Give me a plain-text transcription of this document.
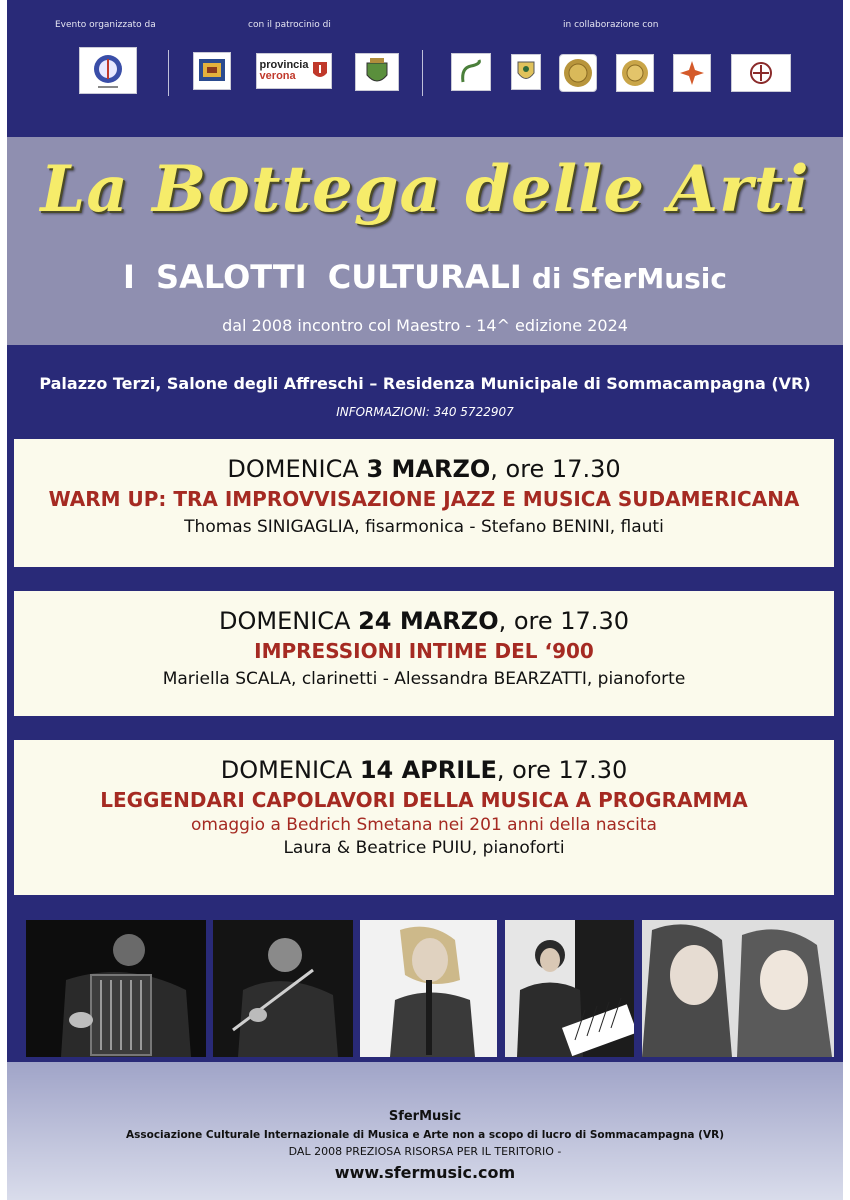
Evento organizzato da	con il patrocinio di	in collaborazione con
provincia
verona
La Bottega delle Arti
I SALOTTI CULTURALI di SferMusic
dal 2008 incontro col Maestro - 14^ edizione 2024
Palazzo Terzi, Salone degli Affreschi – Residenza Municipale di Sommacampagna (VR)
INFORMAZIONI: 340 5722907
DOMENICA 3 MARZO, ore 17.30
WARM UP: TRA IMPROVVISAZIONE JAZZ E MUSICA SUDAMERICANA
Thomas SINIGAGLIA, fisarmonica - Stefano BENINI, flauti
DOMENICA 24 MARZO, ore 17.30
IMPRESSIONI INTIME DEL ‘900
Mariella SCALA, clarinetti - Alessandra BEARZATTI, pianoforte
DOMENICA 14 APRILE, ore 17.30
LEGGENDARI CAPOLAVORI DELLA MUSICA A PROGRAMMA
omaggio a Bedrich Smetana nei 201 anni della nascita
Laura & Beatrice PUIU, pianoforti
SferMusic
Associazione Culturale Internazionale di Musica e Arte non a scopo di lucro di Sommacampagna (VR)
DAL 2008 PREZIOSA RISORSA PER IL TERITORIO -
www.sfermusic.com
